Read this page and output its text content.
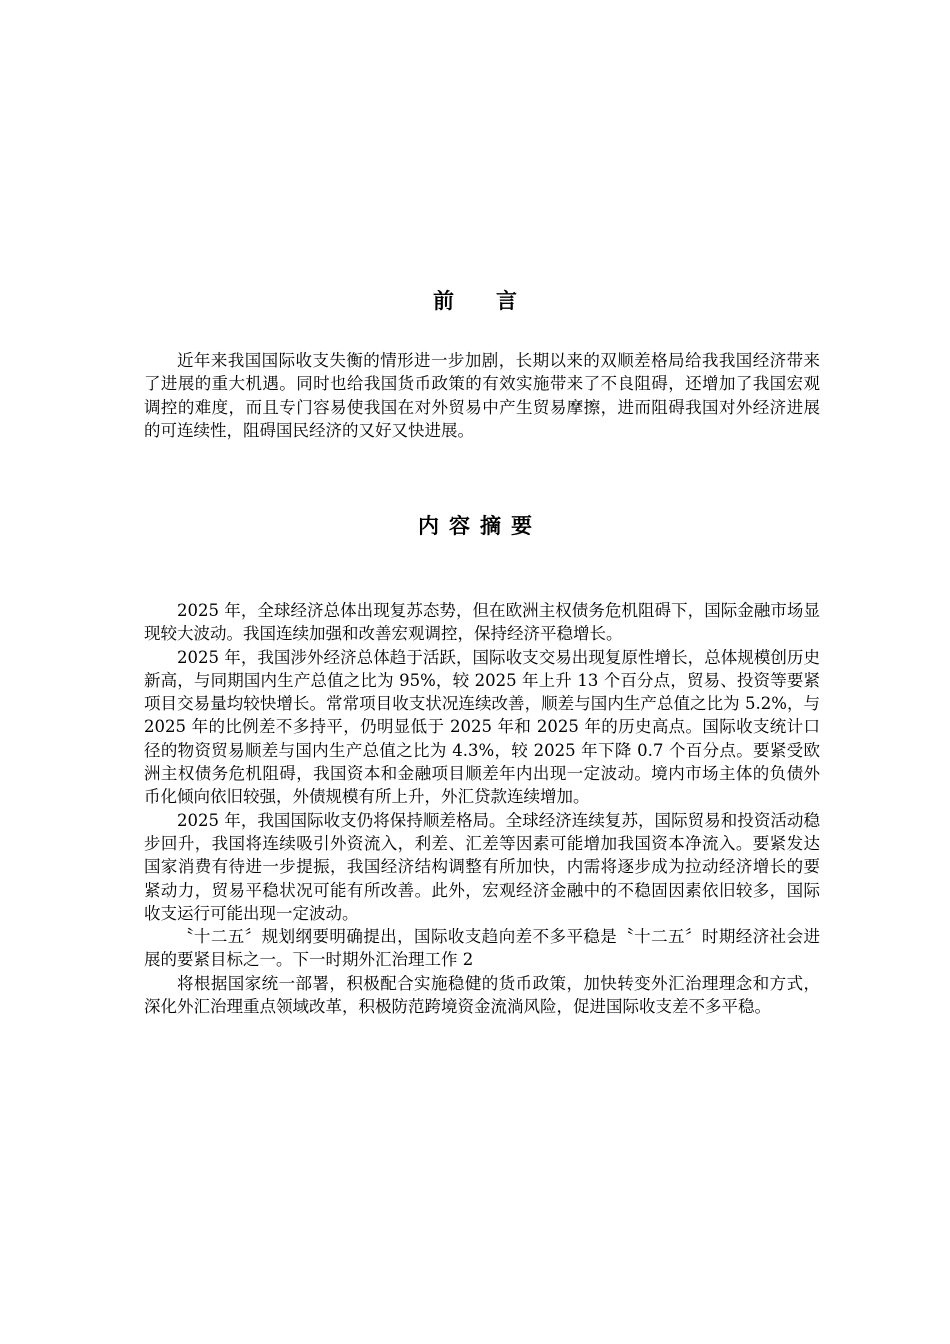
前言

近年来我国国际收支失衡的情形进一步加剧，长期以来的双顺差格局给我我国经济带来了进展的重大机遇。同时也给我国货币政策的有效实施带来了不良阻碍，还增加了我国宏观调控的难度，而且专门容易使我国在对外贸易中产生贸易摩擦，进而阻碍我国对外经济进展的可连续性，阻碍国民经济的又好又快进展。

内容摘要

2025 年，全球经济总体出现复苏态势，但在欧洲主权债务危机阻碍下，国际金融市场显现较大波动。我国连续加强和改善宏观调控，保持经济平稳增长。

2025 年，我国涉外经济总体趋于活跃，国际收支交易出现复原性增长，总体规模创历史新高，与同期国内生产总值之比为 95%，较 2025 年上升 13 个百分点，贸易、投资等要紧项目交易量均较快增长。常常项目收支状况连续改善，顺差与国内生产总值之比为 5.2%，与 2025 年的比例差不多持平，仍明显低于 2025 年和 2025 年的历史高点。国际收支统计口径的物资贸易顺差与国内生产总值之比为 4.3%，较 2025 年下降 0.7 个百分点。要紧受欧洲主权债务危机阻碍，我国资本和金融项目顺差年内出现一定波动。境内市场主体的负债外币化倾向依旧较强，外债规模有所上升，外汇贷款连续增加。

2025 年，我国国际收支仍将保持顺差格局。全球经济连续复苏，国际贸易和投资活动稳步回升，我国将连续吸引外资流入，利差、汇差等因素可能增加我国资本净流入。要紧发达国家消费有待进一步提振，我国经济结构调整有所加快，内需将逐步成为拉动经济增长的要紧动力，贸易平稳状况可能有所改善。此外，宏观经济金融中的不稳固因素依旧较多，国际收支运行可能出现一定波动。

〝十二五〞规划纲要明确提出，国际收支趋向差不多平稳是〝十二五〞时期经济社会进展的要紧目标之一。下一时期外汇治理工作 2

将根据国家统一部署，积极配合实施稳健的货币政策，加快转变外汇治理理念和方式，深化外汇治理重点领域改革，积极防范跨境资金流淌风险，促进国际收支差不多平稳。
